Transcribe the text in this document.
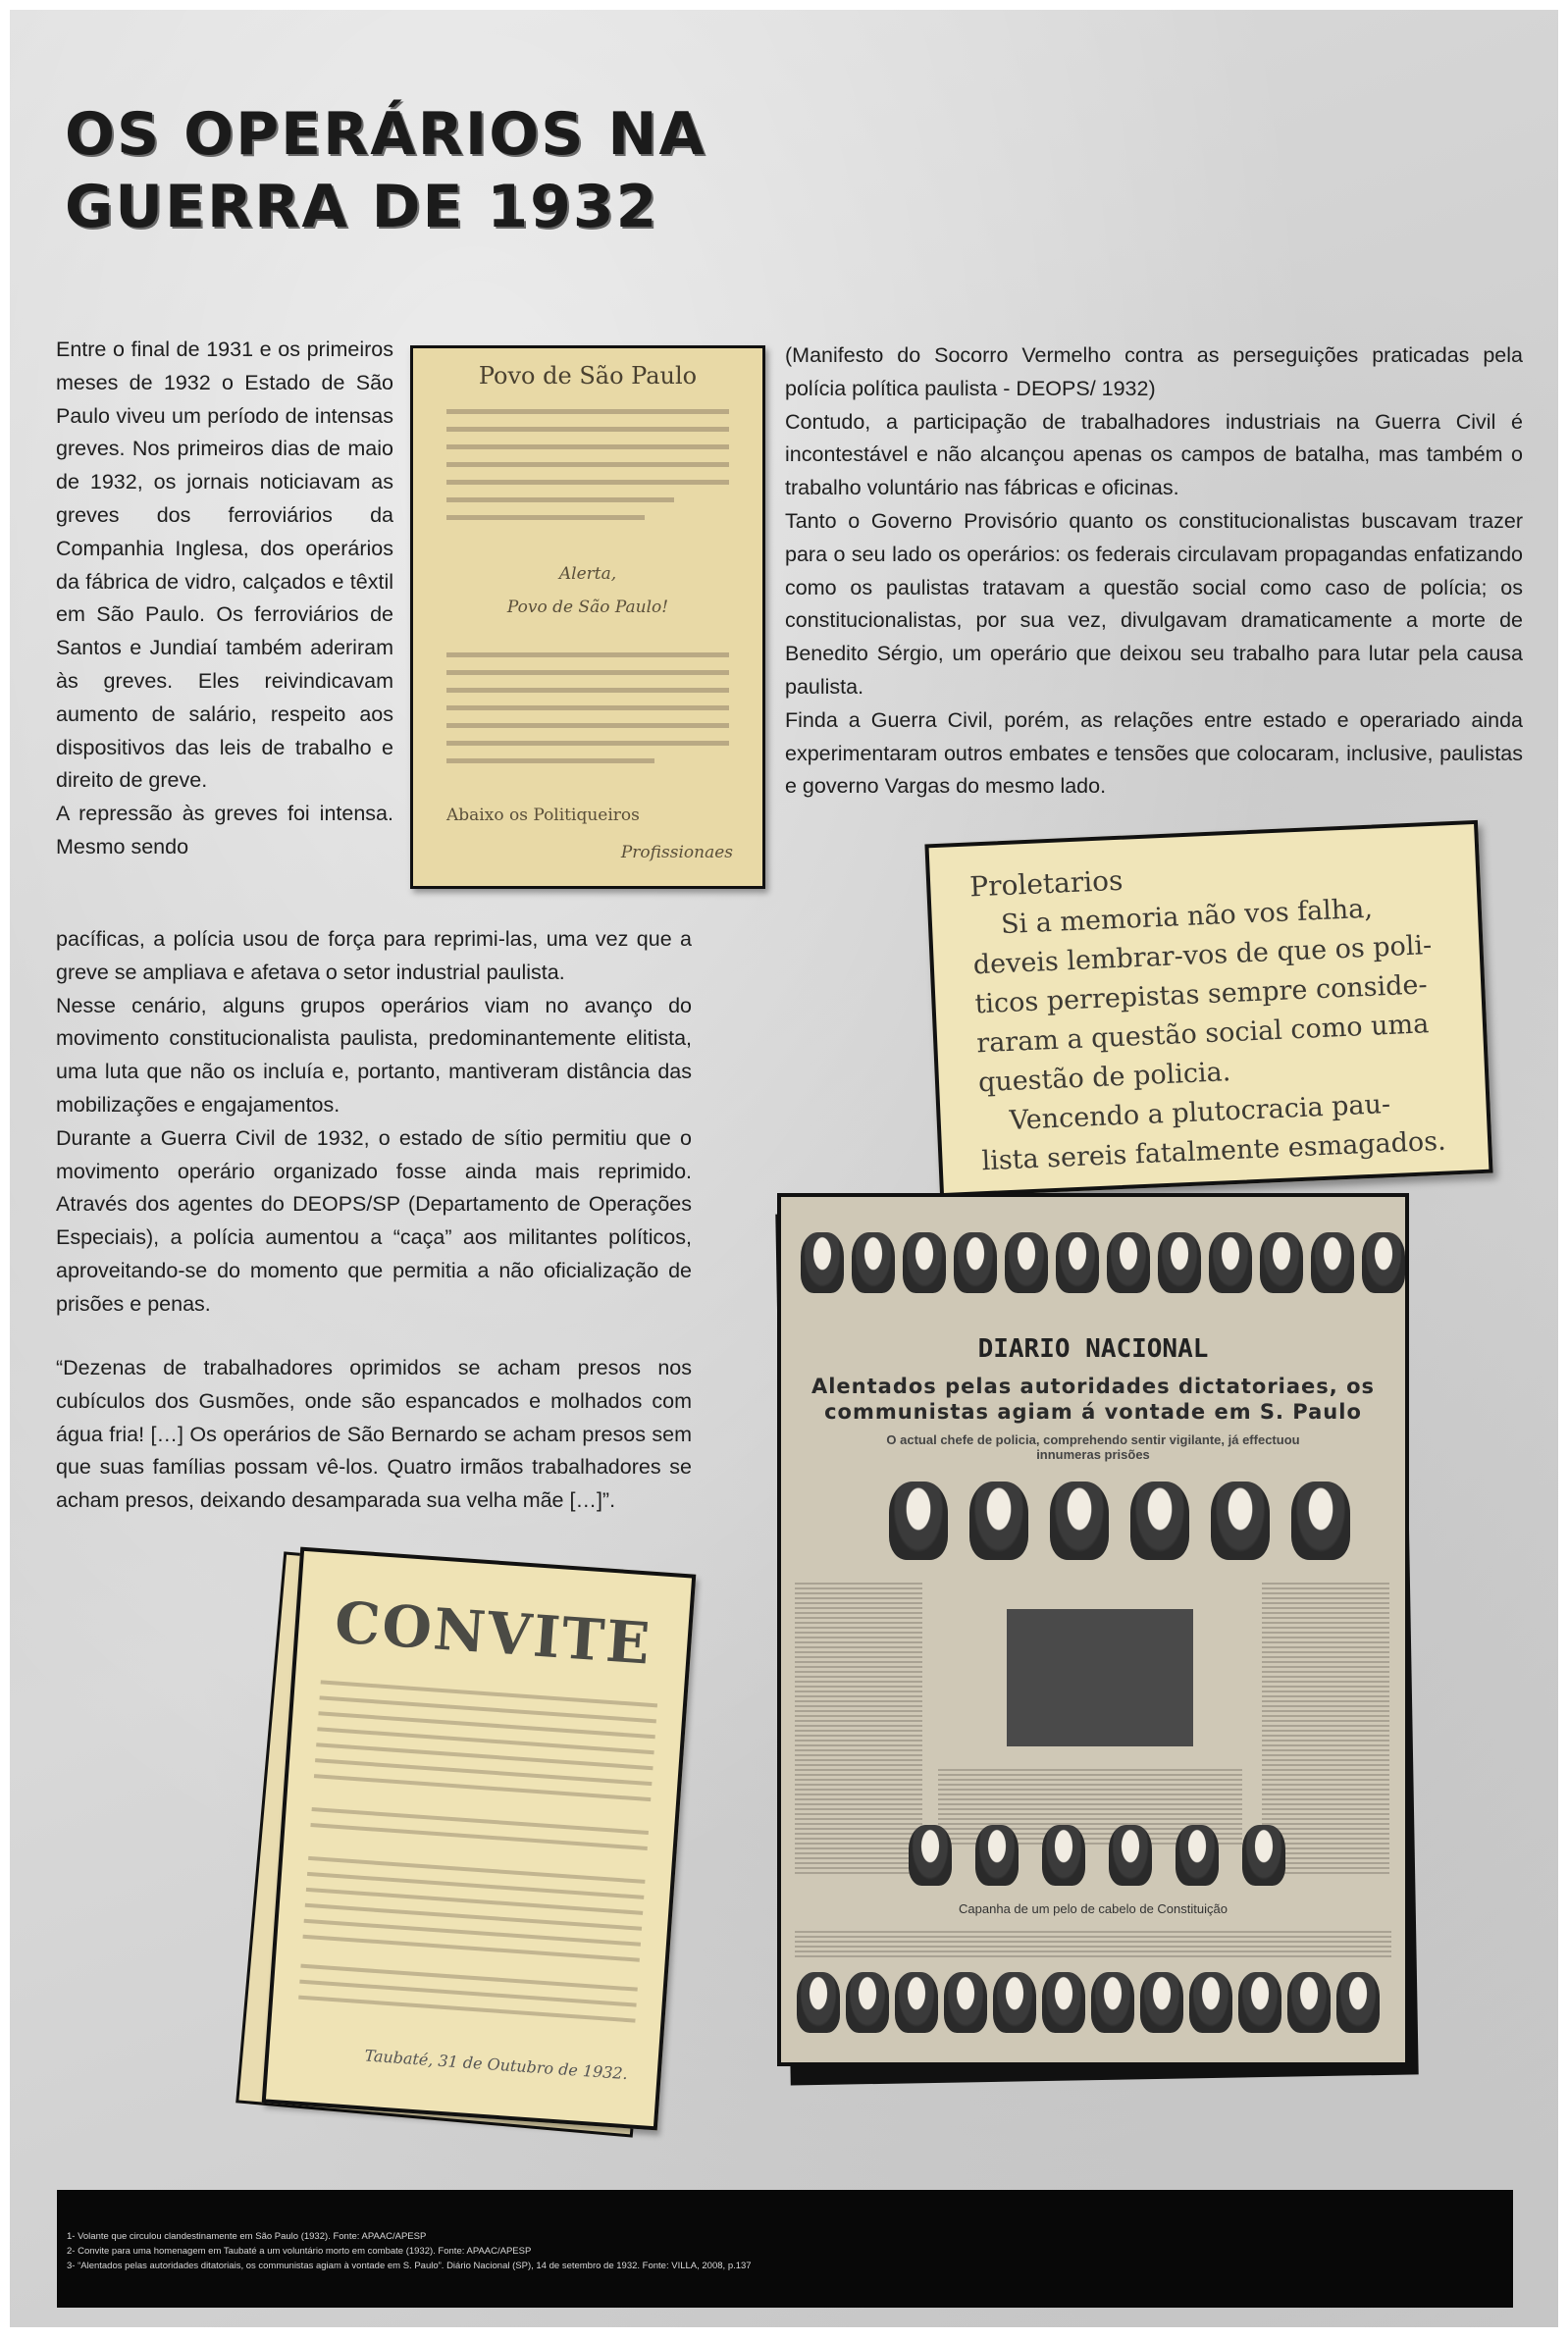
OS OPERÁRIOS NA
GUERRA DE 1932

Entre o final de 1931 e os primeiros meses de 1932 o Estado de São Paulo viveu um período de intensas greves. Nos primeiros dias de maio de 1932, os jornais noticiavam as greves dos ferroviários da Companhia Inglesa, dos operários da fábrica de vidro, calçados e têxtil em São Paulo. Os ferroviários de Santos e Jundiaí também aderiram às greves. Eles reivindicavam aumento de salário, respeito aos dispositivos das leis de trabalho e direito de greve.

A repressão às greves foi intensa. Mesmo sendo

pacíficas, a polícia usou de força para reprimi-las, uma vez que a greve se ampliava e afetava o setor industrial paulista.

Nesse cenário, alguns grupos operários viam no avanço do movimento constitucionalista paulista, predominantemente elitista, uma luta que não os incluía e, portanto, mantiveram distância das mobilizações e engajamentos.

Durante a Guerra Civil de 1932, o estado de sítio permitiu que o movimento operário organizado fosse ainda mais reprimido. Através dos agentes do DEOPS/SP (Departamento de Operações Especiais), a polícia aumentou a “caça” aos militantes políticos, aproveitando-se do momento que permitia a não oficialização de prisões e penas.

“Dezenas de trabalhadores oprimidos se acham presos nos cubículos dos Gusmões, onde são espancados e molhados com água fria! […] Os operários de São Bernardo se acham presos sem que suas famílias possam vê-los. Quatro irmãos trabalhadores se acham presos, deixando desamparada sua velha mãe […]”.

(Manifesto do Socorro Vermelho contra as perseguições praticadas pela polícia política paulista - DEOPS/ 1932)

Contudo, a participação de trabalhadores industriais na Guerra Civil é incontestável e não alcançou apenas os campos de batalha, mas também o trabalho voluntário nas fábricas e oficinas.

Tanto o Governo Provisório quanto os constitucionalistas buscavam trazer para o seu lado os operários: os federais circulavam propagandas enfatizando como os paulistas tratavam a questão social como caso de polícia; os constitucionalistas, por sua vez, divulgavam dramaticamente a morte de Benedito Sérgio, um operário que deixou seu trabalho para lutar pela causa paulista.

Finda a Guerra Civil, porém, as relações entre estado e operariado ainda experimentaram outros embates e tensões que colocaram, inclusive, paulistas e governo Vargas do mesmo lado.

Povo de São Paulo
Alerta,
Povo de São Paulo!
Abaixo os Politiqueiros
Profissionaes
Proletarios
Si a memoria não vos falha,
deveis lembrar-vos de que os poli-
ticos perrepistas sempre conside-
raram a questão social como uma
questão de policia.
Vencendo a plutocracia pau-
lista sereis fatalmente esmagados.
DIARIO NACIONAL
Alentados pelas autoridades dictatoriaes, os communistas agiam á vontade em S. Paulo
O actual chefe de policia, comprehendo sentir vigilante, já effectuou innumeras prisões
Capanha de um pelo de cabelo de Constituição
CONVITE
Taubaté, 31 de Outubro de 1932.
1- Volante que circulou clandestinamente em São Paulo (1932). Fonte: APAAC/APESP
2- Convite para uma homenagem em Taubaté a um voluntário morto em combate (1932). Fonte: APAAC/APESP
3- “Alentados pelas autoridades ditatoriais, os communistas agiam à vontade em S. Paulo”. Diário Nacional (SP), 14 de setembro de 1932. Fonte: VILLA, 2008, p.137
